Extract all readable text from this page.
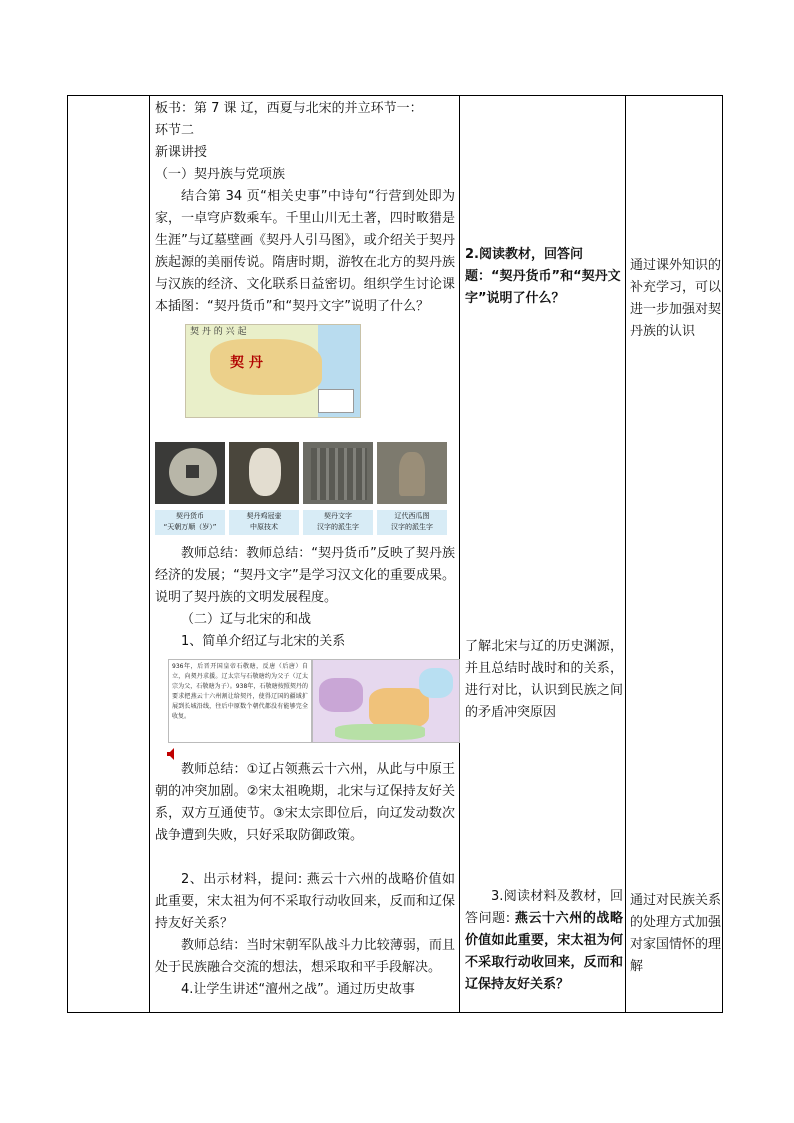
板书：第 7 课 辽，西夏与北宋的并立环节一：

环节二

新课讲授

（一）契丹族与党项族

结合第 34 页“相关史事”中诗句“行营到处即为家，一卓穹庐数乘车。千里山川无土著，四时畋猎是生涯”与辽墓壁画《契丹人引马图》，或介绍关于契丹族起源的美丽传说。隋唐时期，游牧在北方的契丹族与汉族的经济、文化联系日益密切。组织学生讨论课本插图：“契丹货币”和“契丹文字”说明了什么？

契 丹 的 兴 起
契 丹
契丹货币
“天朝万顺（岁）”
契丹鸡冠壶
中原技术
契丹文字
汉字的派生字
辽代西瓜图
汉字的派生字

教师总结：教师总结：“契丹货币”反映了契丹族经济的发展；“契丹文字”是学习汉文化的重要成果。说明了契丹族的文明发展程度。

（二）辽与北宋的和战

1、简单介绍辽与北宋的关系

936年，后晋开国皇帝石敬瑭，反唐（后唐）自立，向契丹求援。辽太宗与石敬瑭约为父子（辽太宗为父，石敬瑭为子）。938年，石敬瑭按照契丹的要求把燕云十六州割让给契丹，使得辽国的疆域扩展到长城沿线，往后中原数个朝代都没有能够完全收复。

教师总结：①辽占领燕云十六州，从此与中原王朝的冲突加剧。②宋太祖晚期，北宋与辽保持友好关系，双方互通使节。③宋太宗即位后，向辽发动数次战争遭到失败，只好采取防御政策。

2、出示材料，提问: 燕云十六州的战略价值如此重要，宋太祖为何不采取行动收回来，反而和辽保持友好关系？

教师总结：当时宋朝军队战斗力比较薄弱，而且处于民族融合交流的想法，想采取和平手段解决。

4.让学生讲述“澶州之战”。通过历史故事

2.阅读教材，回答问题：“契丹货币”和“契丹文字”说明了什么？

了解北宋与辽的历史渊源，并且总结时战时和的关系，进行对比，认识到民族之间的矛盾冲突原因

3.阅读材料及教材，回答问题: 燕云十六州的战略价值如此重要，宋太祖为何不采取行动收回来，反而和辽保持友好关系？

通过课外知识的补充学习，可以进一步加强对契丹族的认识

通过对民族关系的处理方式加强对家国情怀的理解
